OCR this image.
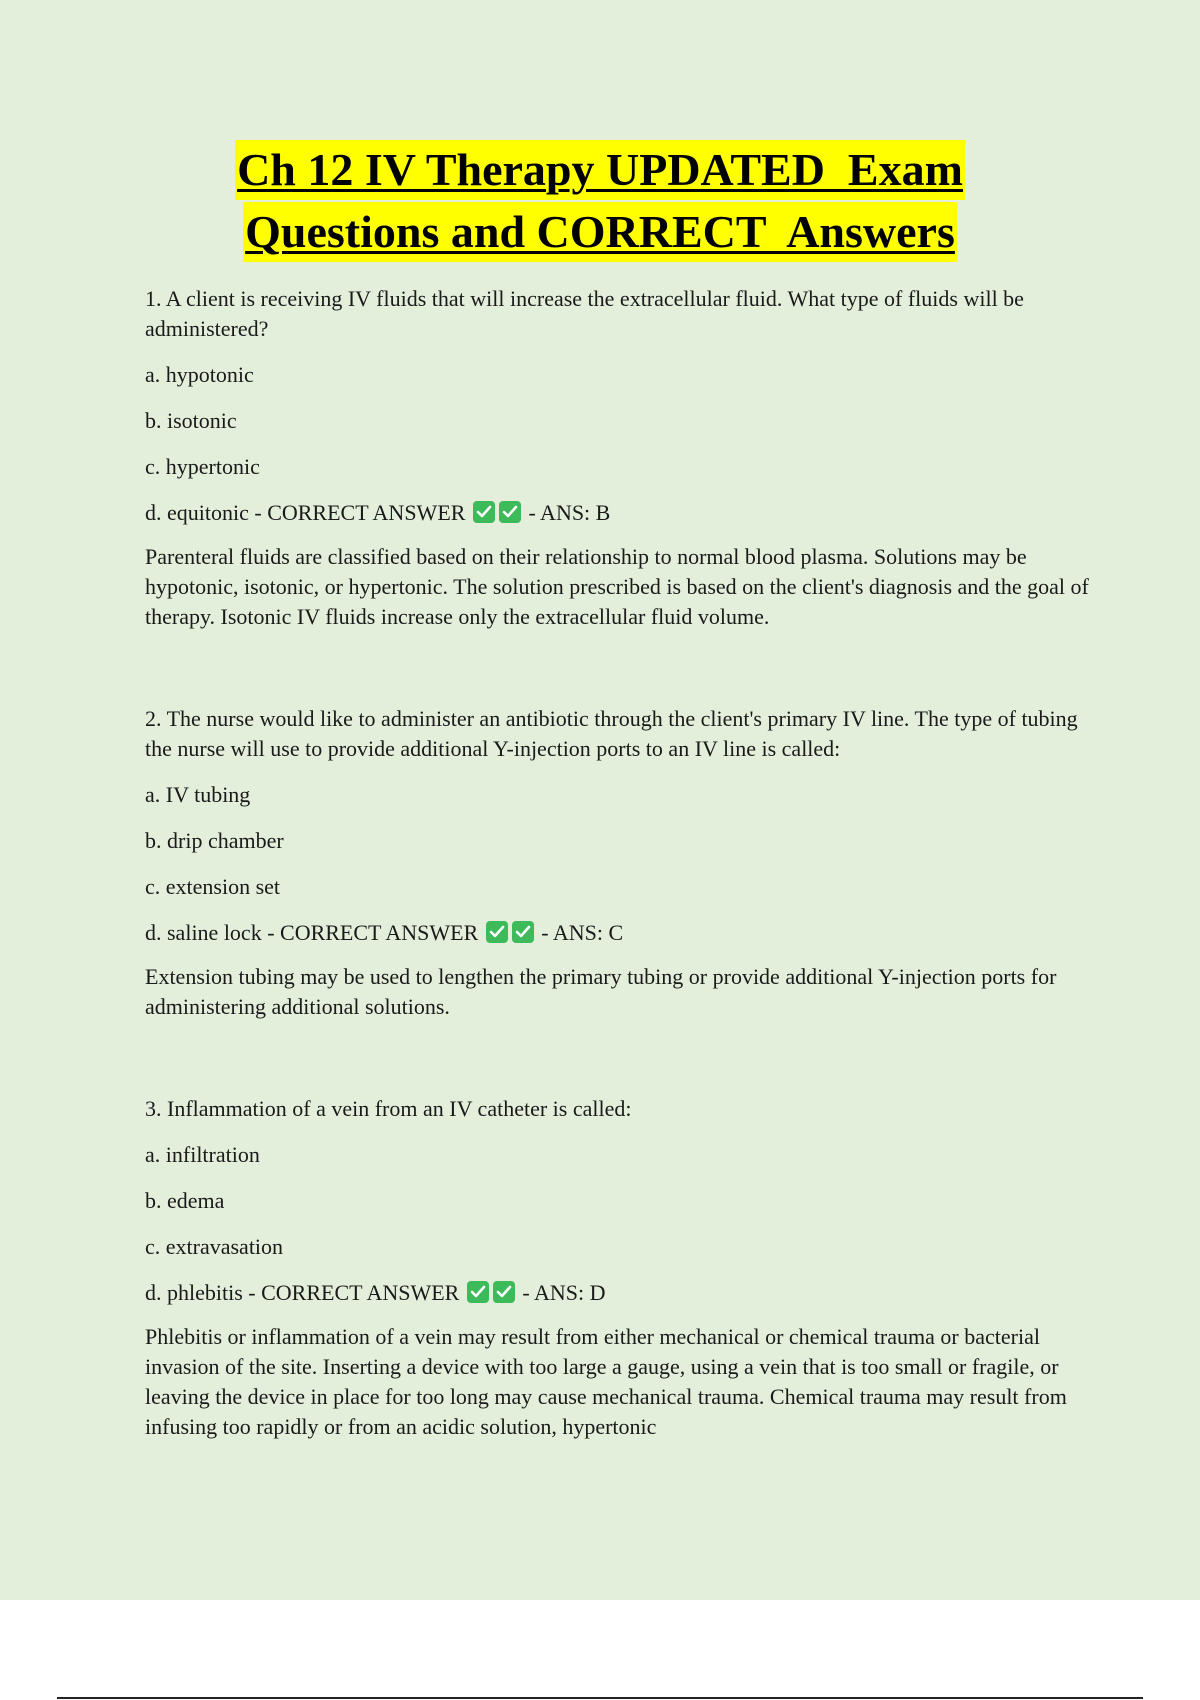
Ch 12 IV Therapy UPDATED  Exam
Questions and CORRECT  Answers

1. A client is receiving IV fluids that will increase the extracellular fluid. What type of fluids will be administered?

a. hypotonic

b. isotonic

c. hypertonic

d. equitonic - CORRECT ANSWER	- ANS: B

Parenteral fluids are classified based on their relationship to normal blood plasma. Solutions may be hypotonic, isotonic, or hypertonic. The solution prescribed is based on the client's diagnosis and the goal of therapy. Isotonic IV fluids increase only the extracellular fluid volume.

2. The nurse would like to administer an antibiotic through the client's primary IV line. The type of tubing the nurse will use to provide additional Y-injection ports to an IV line is called:

a. IV tubing

b. drip chamber

c. extension set

d. saline lock - CORRECT ANSWER	- ANS: C

Extension tubing may be used to lengthen the primary tubing or provide additional Y-injection ports for administering additional solutions.

3. Inflammation of a vein from an IV catheter is called:

a. infiltration

b. edema

c. extravasation

d. phlebitis - CORRECT ANSWER	- ANS: D

Phlebitis or inflammation of a vein may result from either mechanical or chemical trauma or bacterial invasion of the site. Inserting a device with too large a gauge, using a vein that is too small or fragile, or leaving the device in place for too long may cause mechanical trauma. Chemical trauma may result from infusing too rapidly or from an acidic solution, hypertonic
